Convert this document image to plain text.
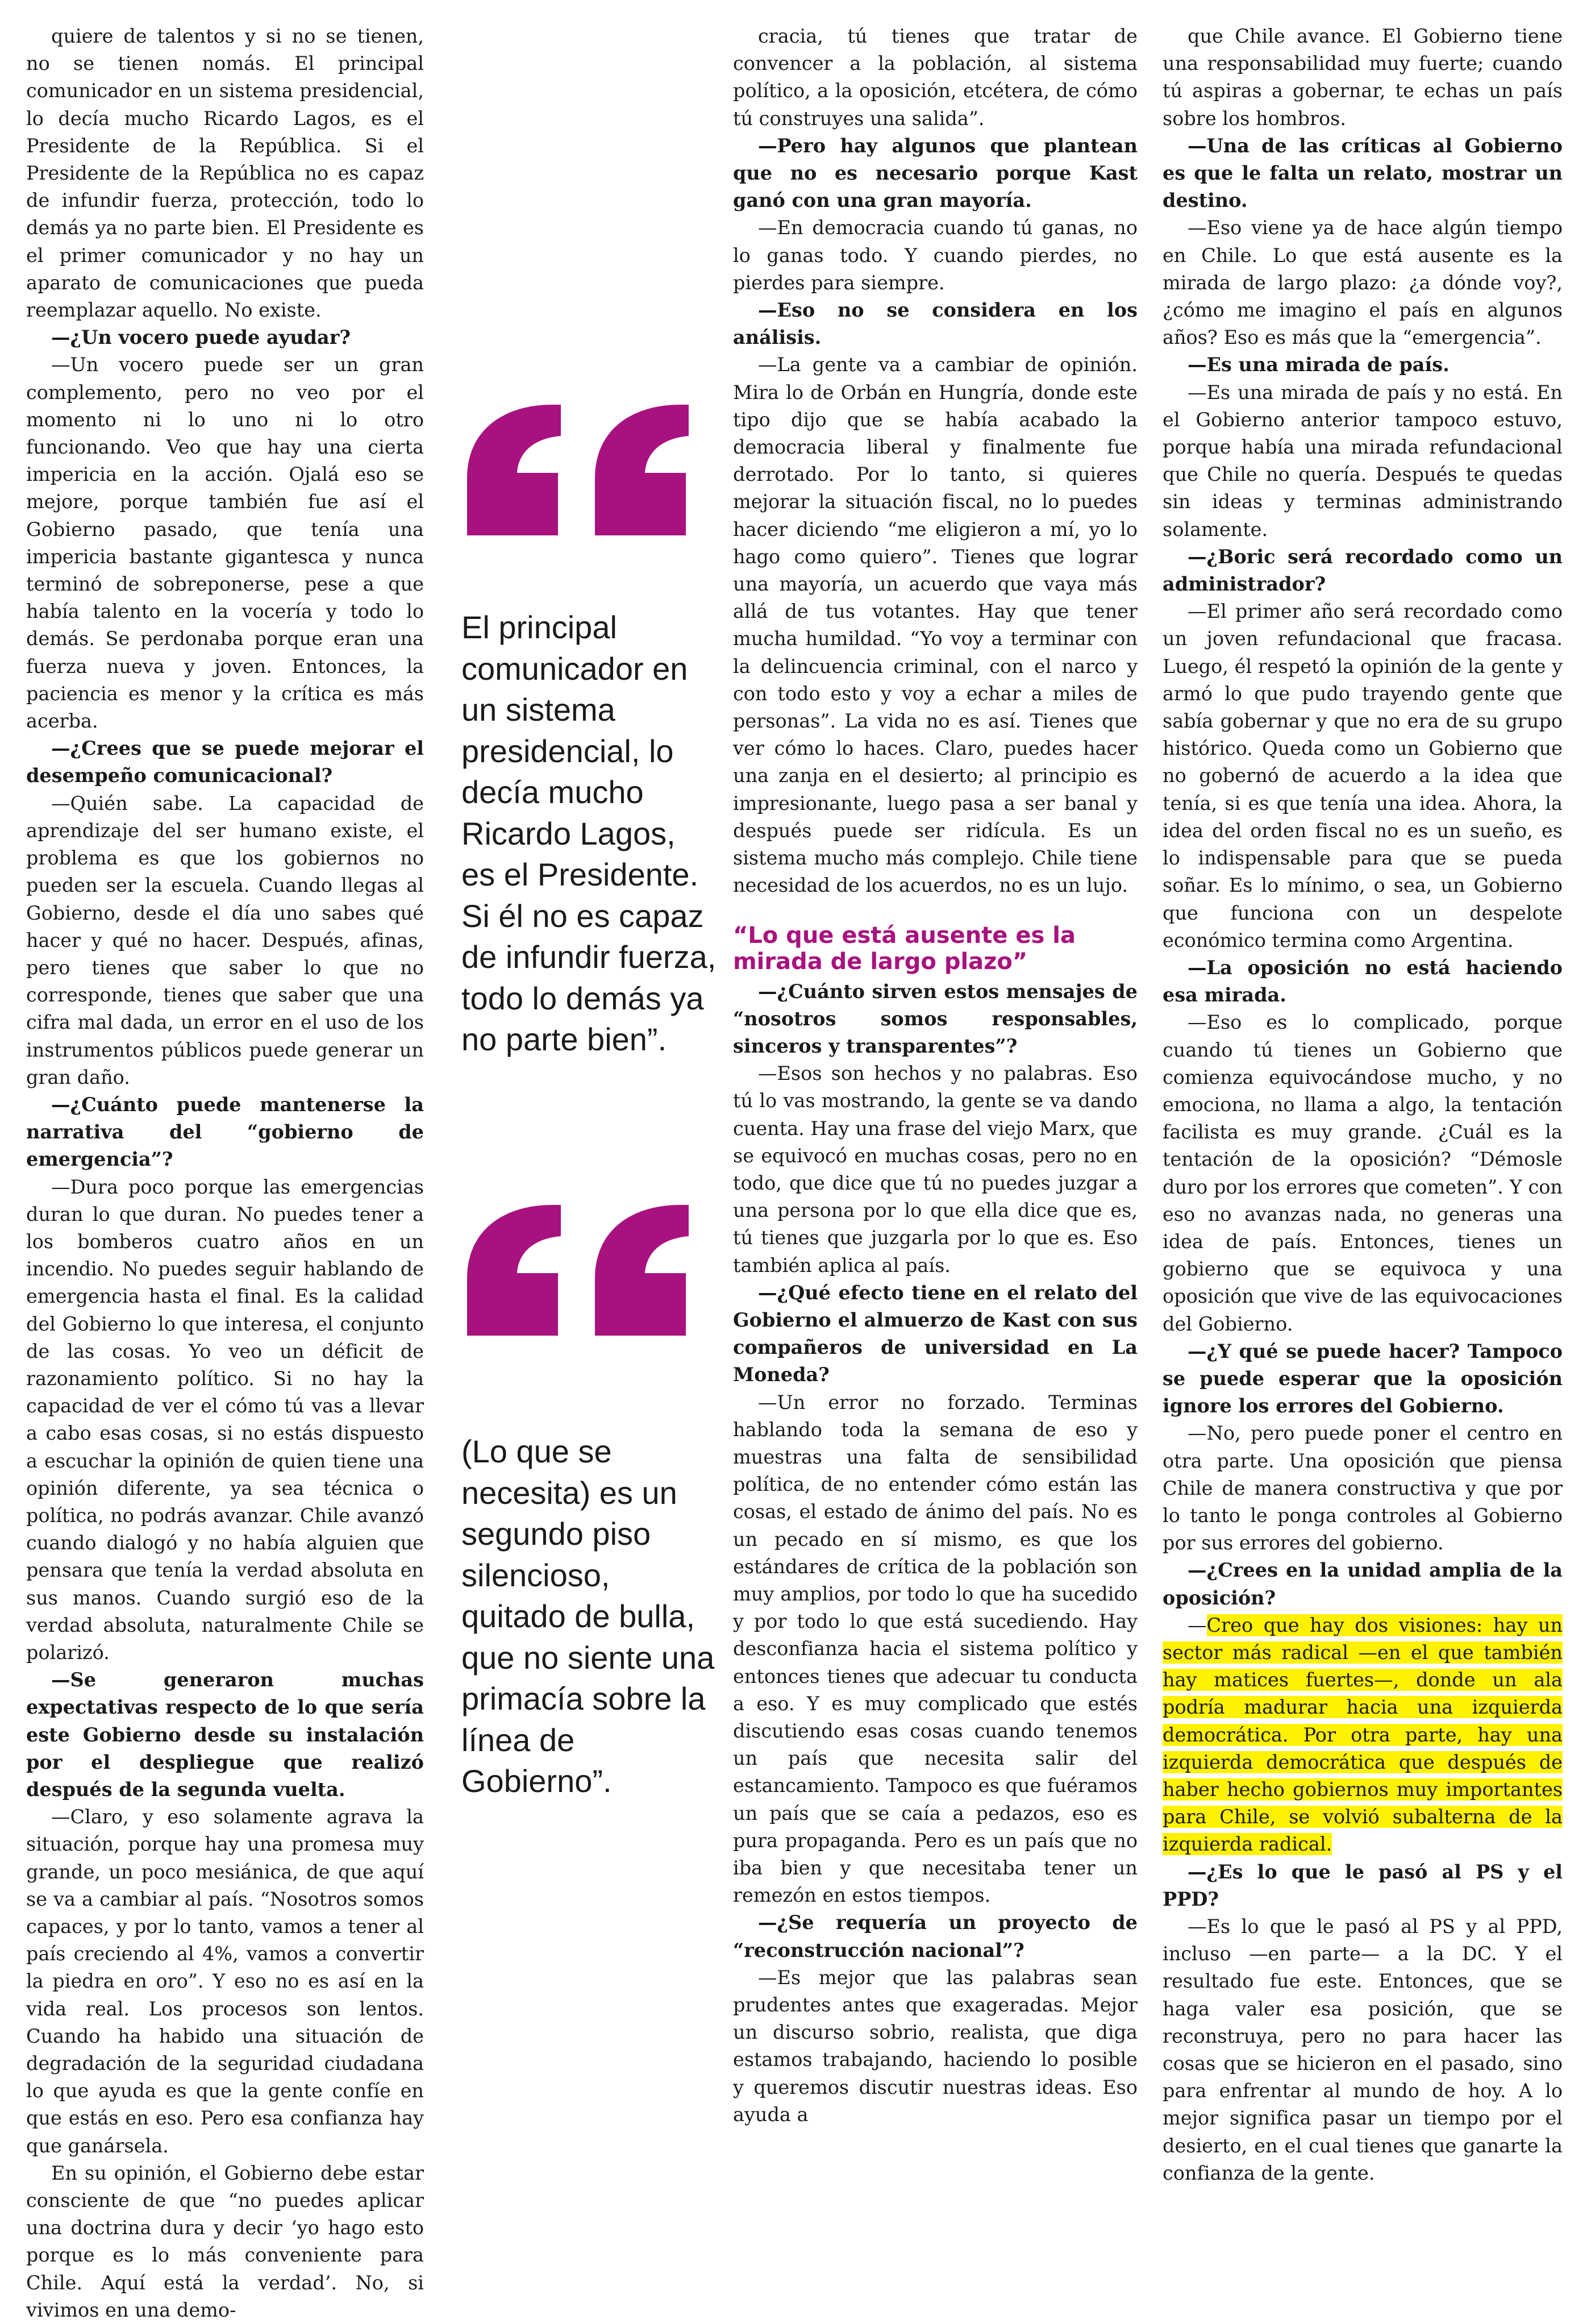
quiere de talentos y si no se tienen, no se tienen nomás. El principal comunicador en un sistema presidencial, lo decía mucho Ricardo Lagos, es el Presidente de la República. Si el Presidente de la República no es capaz de infundir fuerza, protección, todo lo demás ya no parte bien. El Presidente es el primer comunicador y no hay un aparato de comunicaciones que pueda reemplazar aquello. No existe.

— ¿Un vocero puede ayudar?

— Un vocero puede ser un gran complemento, pero no veo por el momento ni lo uno ni lo otro funcionando. Veo que hay una cierta impericia en la acción. Ojalá eso se mejore, porque también fue así el Gobierno pasado, que tenía una impericia bastante gigantesca y nunca terminó de sobreponerse, pese a que había talento en la vocería y todo lo demás. Se perdonaba porque eran una fuerza nueva y joven. Entonces, la paciencia es menor y la crítica es más acerba.

— ¿Crees que se puede mejorar el desempeño comunicacional?

— Quién sabe. La capacidad de aprendizaje del ser humano existe, el problema es que los gobiernos no pueden ser la escuela. Cuando llegas al Gobierno, desde el día uno sabes qué hacer y qué no hacer. Después, afinas, pero tienes que saber lo que no corresponde, tienes que saber que una cifra mal dada, un error en el uso de los instrumentos públicos puede generar un gran daño.

— ¿Cuánto puede mantenerse la narrativa del “gobierno de emergencia”?

— Dura poco porque las emergencias duran lo que duran. No puedes tener a los bomberos cuatro años en un incendio. No puedes seguir hablando de emergencia hasta el final. Es la calidad del Gobierno lo que interesa, el conjunto de las cosas. Yo veo un déficit de razonamiento político. Si no hay la capacidad de ver el cómo tú vas a llevar a cabo esas cosas, si no estás dispuesto a escuchar la opinión de quien tiene una opinión diferente, ya sea técnica o política, no podrás avanzar. Chile avanzó cuando dialogó y no había alguien que pensara que tenía la verdad absoluta en sus manos. Cuando surgió eso de la verdad absoluta, naturalmente Chile se polarizó.

— Se generaron muchas expectativas respecto de lo que sería este Gobierno desde su instalación por el despliegue que realizó después de la segunda vuelta.

— Claro, y eso solamente agrava la situación, porque hay una promesa muy grande, un poco mesiánica, de que aquí se va a cambiar al país. “Nosotros somos capaces, y por lo tanto, vamos a tener al país creciendo al 4%, vamos a convertir la piedra en oro”. Y eso no es así en la vida real. Los procesos son lentos. Cuando ha habido una situación de degradación de la seguridad ciudadana lo que ayuda es que la gente confíe en que estás en eso. Pero esa confianza hay que ganársela.

En su opinión, el Gobierno debe estar consciente de que “no puedes aplicar una doctrina dura y decir ‘yo hago esto porque es lo más conveniente para Chile. Aquí está la verdad’. No, si vivimos en una demo-

El principal comunicador en un sistema presidencial, lo decía mucho Ricardo Lagos, es el Presidente. Si él no es capaz de infundir fuerza, todo lo demás ya no parte bien”.
(Lo que se necesita) es un segundo piso silencioso, quitado de bulla, que no siente una primacía sobre la línea de Gobierno”.

cracia, tú tienes que tratar de convencer a la población, al sistema político, a la oposición, etcétera, de cómo tú construyes una salida”.

— Pero hay algunos que plantean que no es necesario porque Kast ganó con una gran mayoría.

— En democracia cuando tú ganas, no lo ganas todo. Y cuando pierdes, no pierdes para siempre.

— Eso no se considera en los análisis.

— La gente va a cambiar de opinión. Mira lo de Orbán en Hungría, donde este tipo dijo que se había acabado la democracia liberal y finalmente fue derrotado. Por lo tanto, si quieres mejorar la situación fiscal, no lo puedes hacer diciendo “me eligieron a mí, yo lo hago como quiero”. Tienes que lograr una mayoría, un acuerdo que vaya más allá de tus votantes. Hay que tener mucha humildad. “Yo voy a terminar con la delincuencia criminal, con el narco y con todo esto y voy a echar a miles de personas”. La vida no es así. Tienes que ver cómo lo haces. Claro, puedes hacer una zanja en el desierto; al principio es impresionante, luego pasa a ser banal y después puede ser ridícula. Es un sistema mucho más complejo. Chile tiene necesidad de los acuerdos, no es un lujo.

“Lo que está ausente es la mirada de largo plazo”

— ¿Cuánto sirven estos mensajes de “nosotros somos responsables, sinceros y transparentes”?

— Esos son hechos y no palabras. Eso tú lo vas mostrando, la gente se va dando cuenta. Hay una frase del viejo Marx, que se equivocó en muchas cosas, pero no en todo, que dice que tú no puedes juzgar a una persona por lo que ella dice que es, tú tienes que juzgarla por lo que es. Eso también aplica al país.

— ¿Qué efecto tiene en el relato del Gobierno el almuerzo de Kast con sus compañeros de universidad en La Moneda?

— Un error no forzado. Terminas hablando toda la semana de eso y muestras una falta de sensibilidad política, de no entender cómo están las cosas, el estado de ánimo del país. No es un pecado en sí mismo, es que los estándares de crítica de la población son muy amplios, por todo lo que ha sucedido y por todo lo que está sucediendo. Hay desconfianza hacia el sistema político y entonces tienes que adecuar tu conducta a eso. Y es muy complicado que estés discutiendo esas cosas cuando tenemos un país que necesita salir del estancamiento. Tampoco es que fuéramos un país que se caía a pedazos, eso es pura propaganda. Pero es un país que no iba bien y que necesitaba tener un remezón en estos tiempos.

— ¿Se requería un proyecto de “reconstrucción nacional”?

— Es mejor que las palabras sean prudentes antes que exageradas. Mejor un discurso sobrio, realista, que diga estamos trabajando, haciendo lo posible y queremos discutir nuestras ideas. Eso ayuda a

que Chile avance. El Gobierno tiene una responsabilidad muy fuerte; cuando tú aspiras a gobernar, te echas un país sobre los hombros.

— Una de las críticas al Gobierno es que le falta un relato, mostrar un destino.

— Eso viene ya de hace algún tiempo en Chile. Lo que está ausente es la mirada de largo plazo: ¿a dónde voy?, ¿cómo me imagino el país en algunos años? Eso es más que la “emergencia”.

— Es una mirada de país.

— Es una mirada de país y no está. En el Gobierno anterior tampoco estuvo, porque había una mirada refundacional que Chile no quería. Después te quedas sin ideas y terminas administrando solamente.

— ¿Boric será recordado como un administrador?

— El primer año será recordado como un joven refundacional que fracasa. Luego, él respetó la opinión de la gente y armó lo que pudo trayendo gente que sabía gobernar y que no era de su grupo histórico. Queda como un Gobierno que no gobernó de acuerdo a la idea que tenía, si es que tenía una idea. Ahora, la idea del orden fiscal no es un sueño, es lo indispensable para que se pueda soñar. Es lo mínimo, o sea, un Gobierno que funciona con un despelote económico termina como Argentina.

— La oposición no está haciendo esa mirada.

— Eso es lo complicado, porque cuando tú tienes un Gobierno que comienza equivocándose mucho, y no emociona, no llama a algo, la tentación facilista es muy grande. ¿Cuál es la tentación de la oposición? “Démosle duro por los errores que cometen”. Y con eso no avanzas nada, no generas una idea de país. Entonces, tienes un gobierno que se equivoca y una oposición que vive de las equivocaciones del Gobierno.

— ¿Y qué se puede hacer? Tampoco se puede esperar que la oposición ignore los errores del Gobierno.

— No, pero puede poner el centro en otra parte. Una oposición que piensa Chile de manera constructiva y que por lo tanto le ponga controles al Gobierno por sus errores del gobierno.

— ¿Crees en la unidad amplia de la oposición?

— Creo que hay dos visiones: hay un sector más radical —en el que también hay matices fuertes—, donde un ala podría madurar hacia una izquierda democrática. Por otra parte, hay una izquierda democrática que después de haber hecho gobiernos muy importantes para Chile, se volvió subalterna de la izquierda radical.

— ¿Es lo que le pasó al PS y el PPD?

— Es lo que le pasó al PS y al PPD, incluso —en parte— a la DC. Y el resultado fue este. Entonces, que se haga valer esa posición, que se reconstruya, pero no para hacer las cosas que se hicieron en el pasado, sino para enfrentar al mundo de hoy. A lo mejor significa pasar un tiempo por el desierto, en el cual tienes que ganarte la confianza de la gente.
